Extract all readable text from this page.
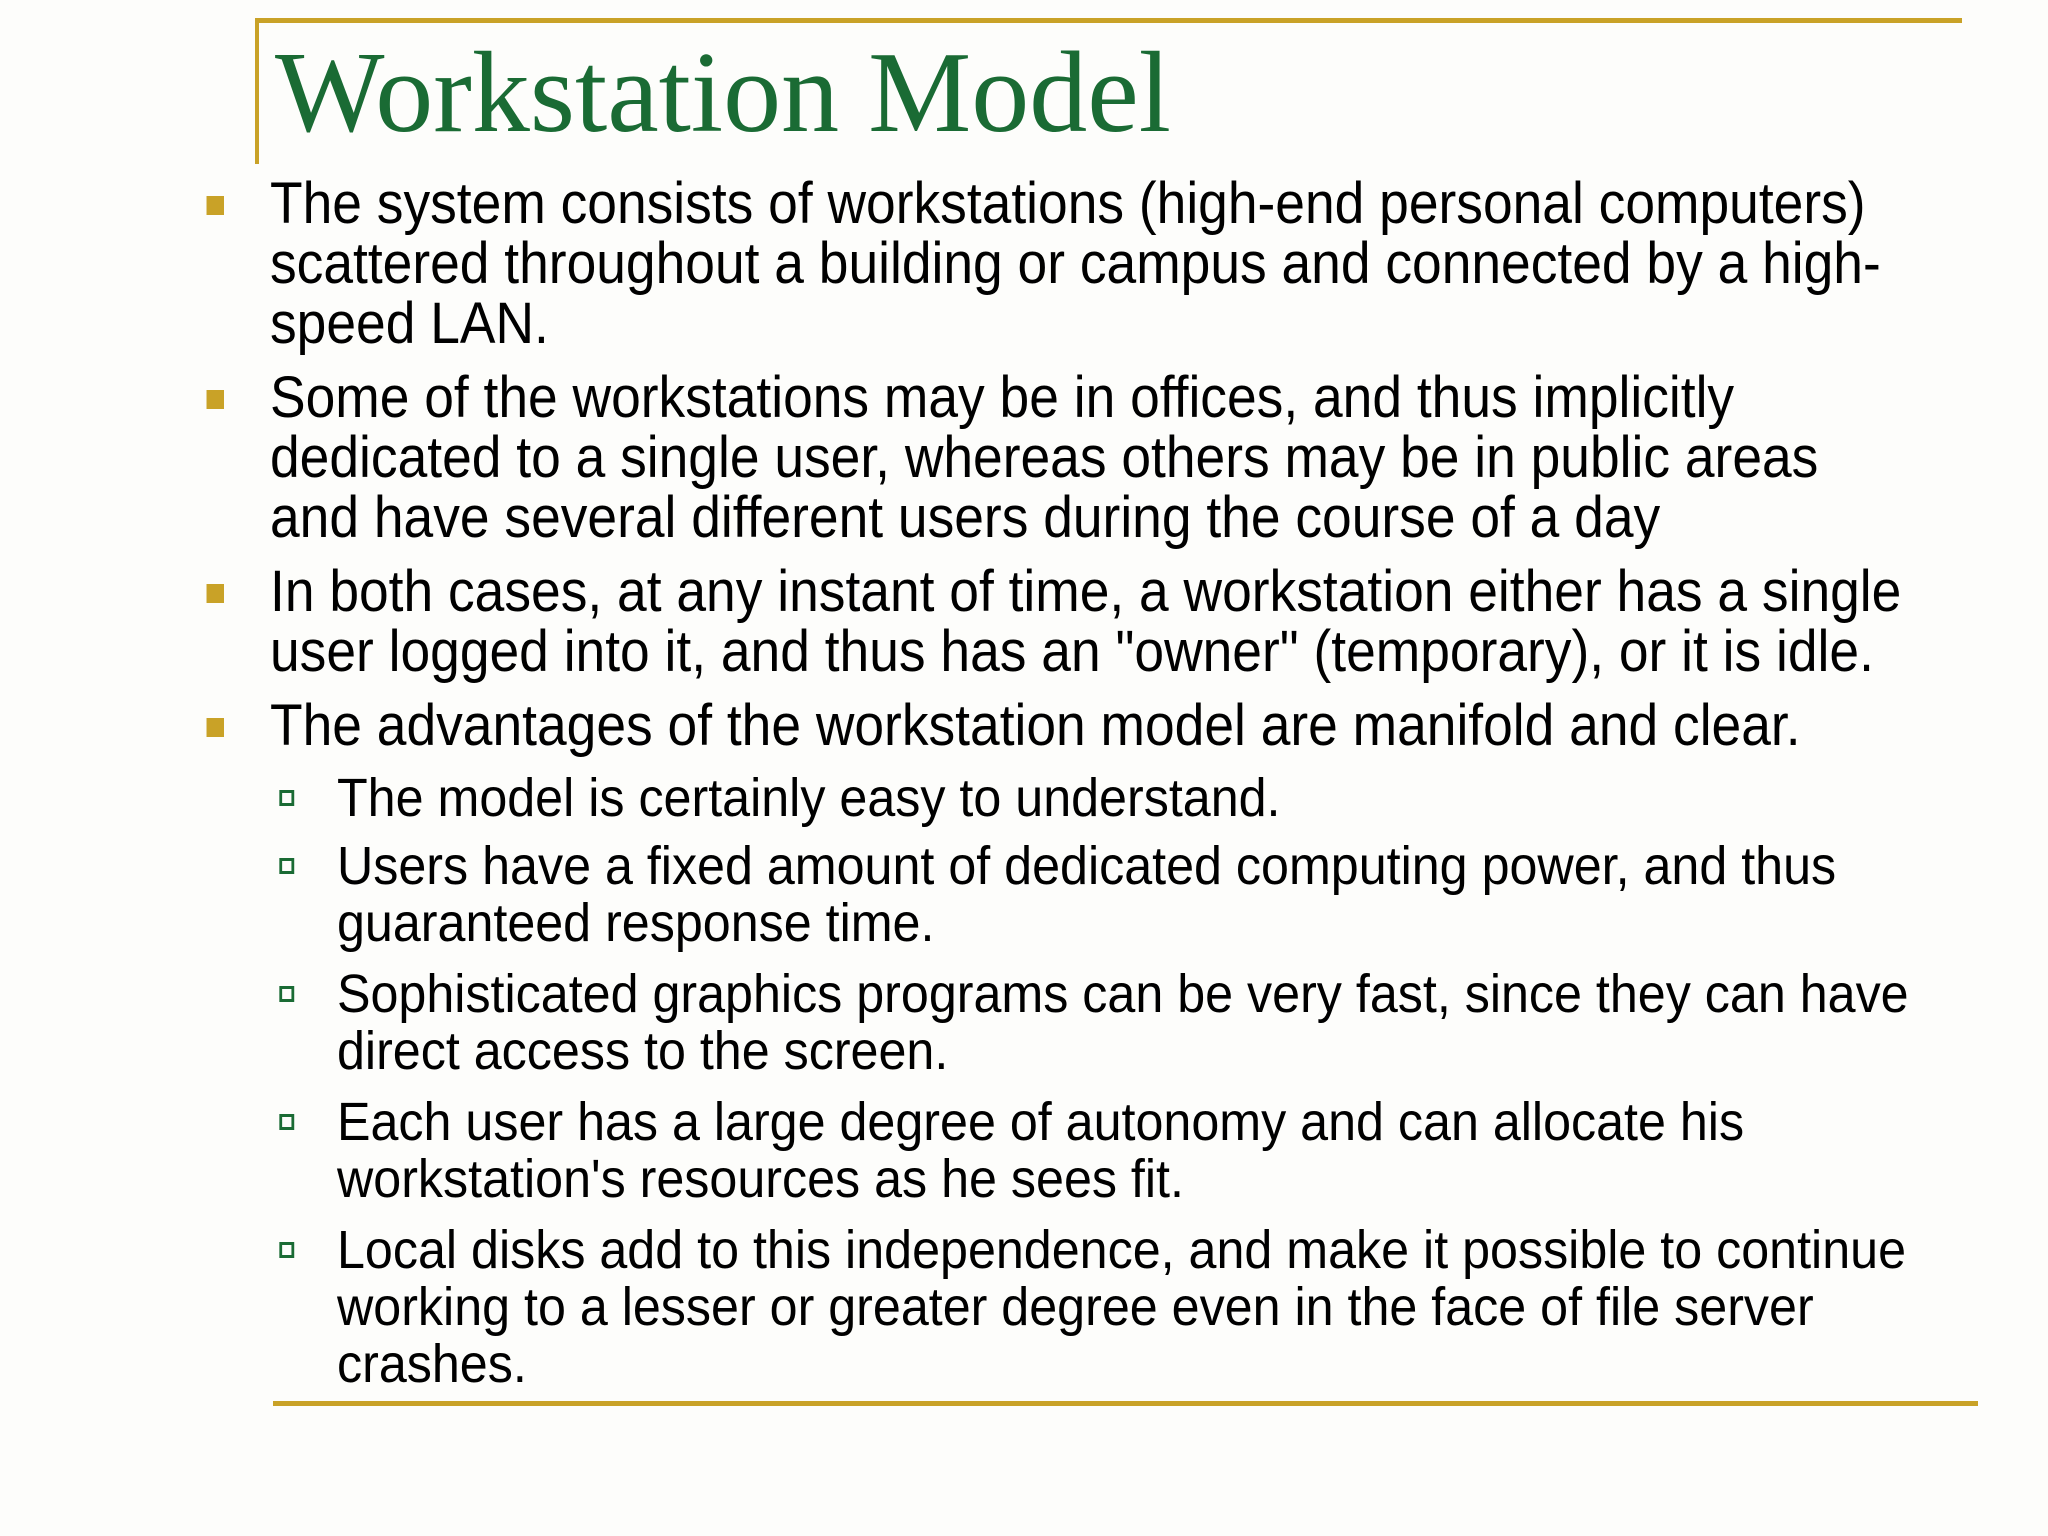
Workstation Model
The system consists of workstations (high-end personal computers) scattered throughout a building or campus and connected by a high-speed LAN.
Some of the workstations may be in offices, and thus implicitly dedicated to a single user, whereas others may be in public areas and have several different users during the course of a day
In both cases, at any instant of time, a workstation either has a single user logged into it, and thus has an "owner" (temporary), or it is idle.
The advantages of the workstation model are manifold and clear.
The model is certainly easy to understand.
Users have a fixed amount of dedicated computing power, and thus guaranteed response time.
Sophisticated graphics programs can be very fast, since they can have direct access to the screen.
Each user has a large degree of autonomy and can allocate his workstation's resources as he sees fit.
Local disks add to this independence, and make it possible to continue working to a lesser or greater degree even in the face of file server crashes.
